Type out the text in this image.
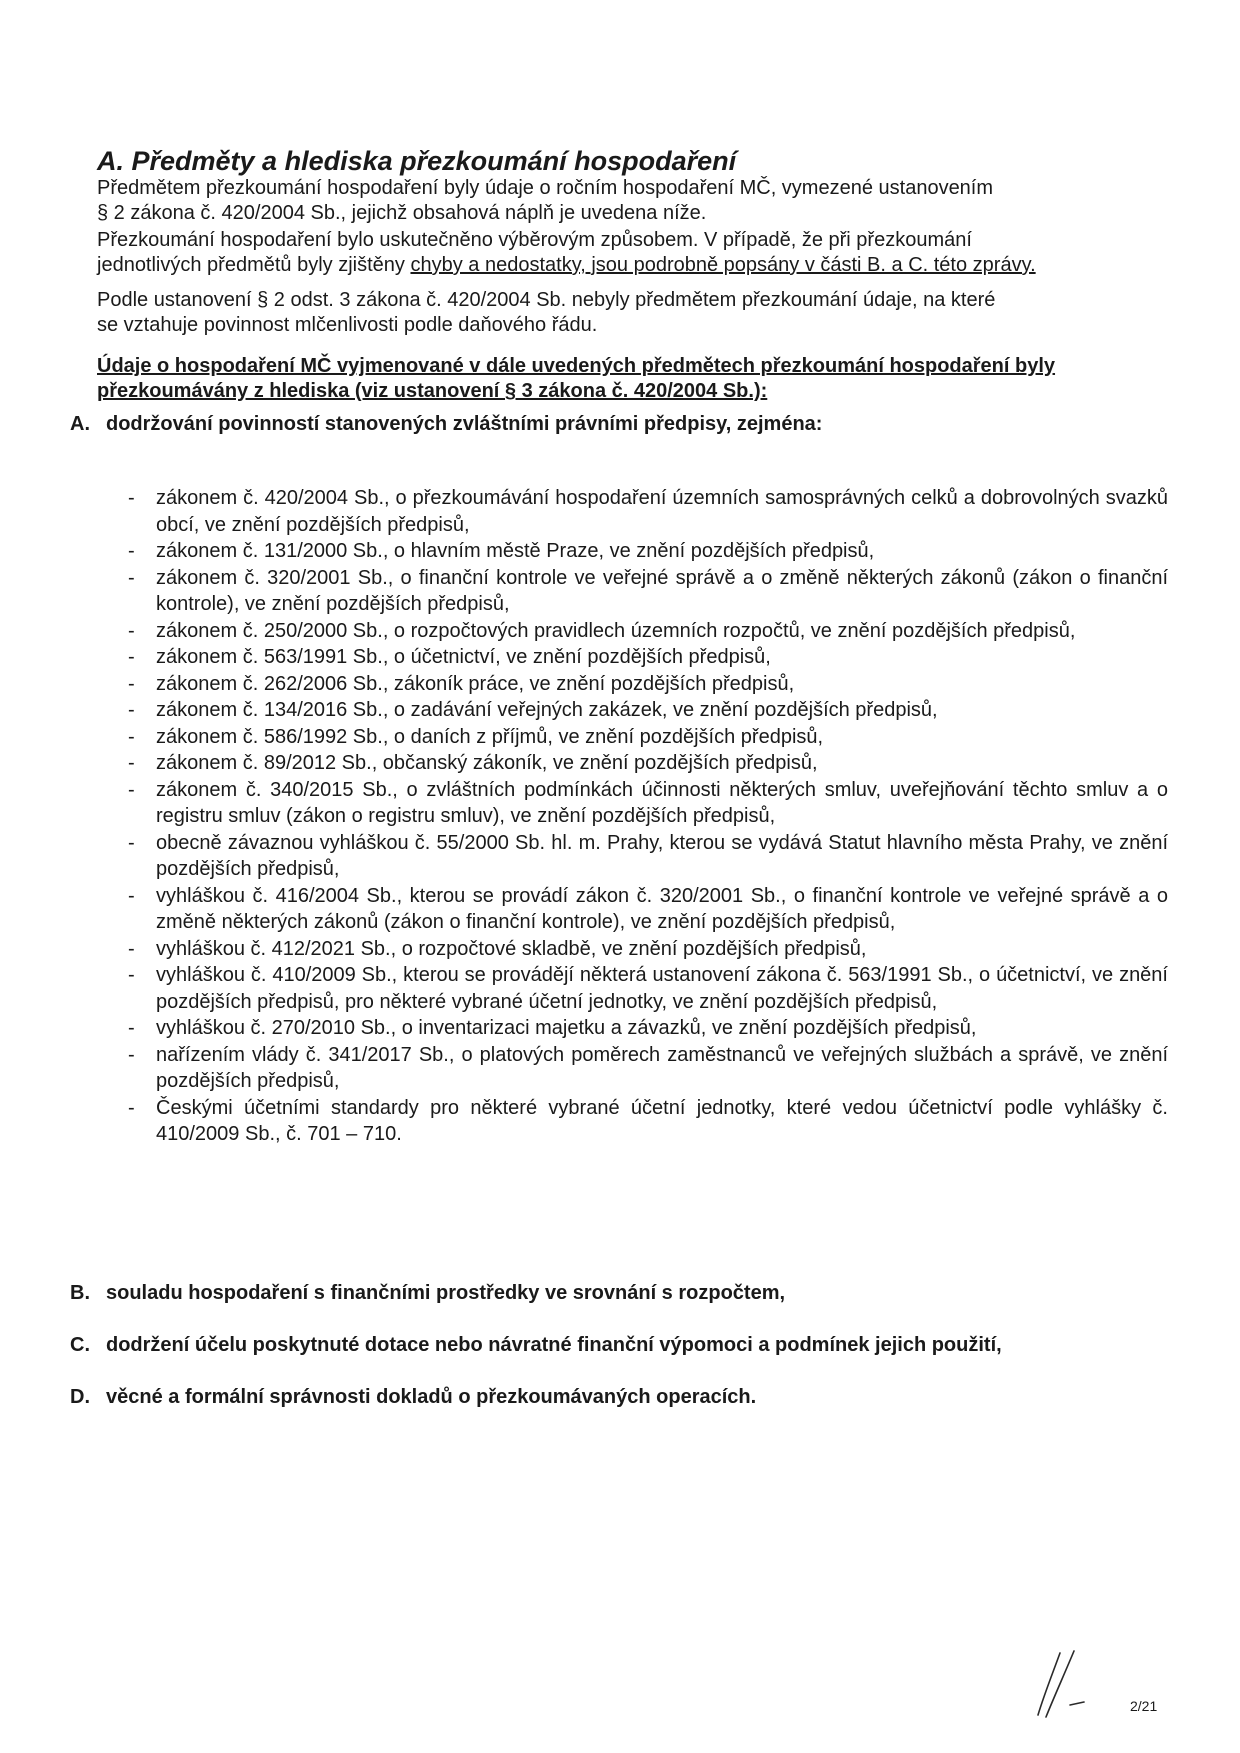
A. Předměty a hlediska přezkoumání hospodaření
Předmětem přezkoumání hospodaření byly údaje o ročním hospodaření MČ, vymezené ustanovením
§ 2 zákona č. 420/2004 Sb., jejichž obsahová náplň je uvedena níže.
Přezkoumání hospodaření bylo uskutečněno výběrovým způsobem. V případě, že při přezkoumání
jednotlivých předmětů byly zjištěny chyby a nedostatky, jsou podrobně popsány v části B. a C. této zprávy.
Podle ustanovení § 2 odst. 3 zákona č. 420/2004 Sb. nebyly předmětem přezkoumání údaje, na které
se vztahuje povinnost mlčenlivosti podle daňového řádu.
Údaje o hospodaření MČ vyjmenované v dále uvedených předmětech přezkoumání hospodaření byly
přezkoumávány z hlediska (viz ustanovení § 3 zákona č. 420/2004 Sb.):
A. dodržování povinností stanovených zvláštními právními předpisy, zejména:
- zákonem č. 420/2004 Sb., o přezkoumávání hospodaření územních samosprávných celků a dobrovolných svazků obcí, ve znění pozdějších předpisů,
- zákonem č. 131/2000 Sb., o hlavním městě Praze, ve znění pozdějších předpisů,
- zákonem č. 320/2001 Sb., o finanční kontrole ve veřejné správě a o změně některých zákonů (zákon o finanční kontrole), ve znění pozdějších předpisů,
- zákonem č. 250/2000 Sb., o rozpočtových pravidlech územních rozpočtů, ve znění pozdějších předpisů,
- zákonem č. 563/1991 Sb., o účetnictví, ve znění pozdějších předpisů,
- zákonem č. 262/2006 Sb., zákoník práce, ve znění pozdějších předpisů,
- zákonem č. 134/2016 Sb., o zadávání veřejných zakázek, ve znění pozdějších předpisů,
- zákonem č. 586/1992 Sb., o daních z příjmů, ve znění pozdějších předpisů,
- zákonem č. 89/2012 Sb., občanský zákoník, ve znění pozdějších předpisů,
- zákonem č. 340/2015 Sb., o zvláštních podmínkách účinnosti některých smluv, uveřejňování těchto smluv a o registru smluv (zákon o registru smluv), ve znění pozdějších předpisů,
- obecně závaznou vyhláškou č. 55/2000 Sb. hl. m. Prahy, kterou se vydává Statut hlavního města Prahy, ve znění pozdějších předpisů,
- vyhláškou č. 416/2004 Sb., kterou se provádí zákon č. 320/2001 Sb., o finanční kontrole ve veřejné správě a o změně některých zákonů (zákon o finanční kontrole), ve znění pozdějších předpisů,
- vyhláškou č. 412/2021 Sb., o rozpočtové skladbě, ve znění pozdějších předpisů,
- vyhláškou č. 410/2009 Sb., kterou se provádějí některá ustanovení zákona č. 563/1991 Sb., o účetnictví, ve znění pozdějších předpisů, pro některé vybrané účetní jednotky, ve znění pozdějších předpisů,
- vyhláškou č. 270/2010 Sb., o inventarizaci majetku a závazků, ve znění pozdějších předpisů,
- nařízením vlády č. 341/2017 Sb., o platových poměrech zaměstnanců ve veřejných službách a správě, ve znění pozdějších předpisů,
- Českými účetními standardy pro některé vybrané účetní jednotky, které vedou účetnictví podle vyhlášky č. 410/2009 Sb., č. 701 – 710.
B. souladu hospodaření s finančními prostředky ve srovnání s rozpočtem,
C. dodržení účelu poskytnuté dotace nebo návratné finanční výpomoci a podmínek jejich použití,
D. věcné a formální správnosti dokladů o přezkoumávaných operacích.
2/21
